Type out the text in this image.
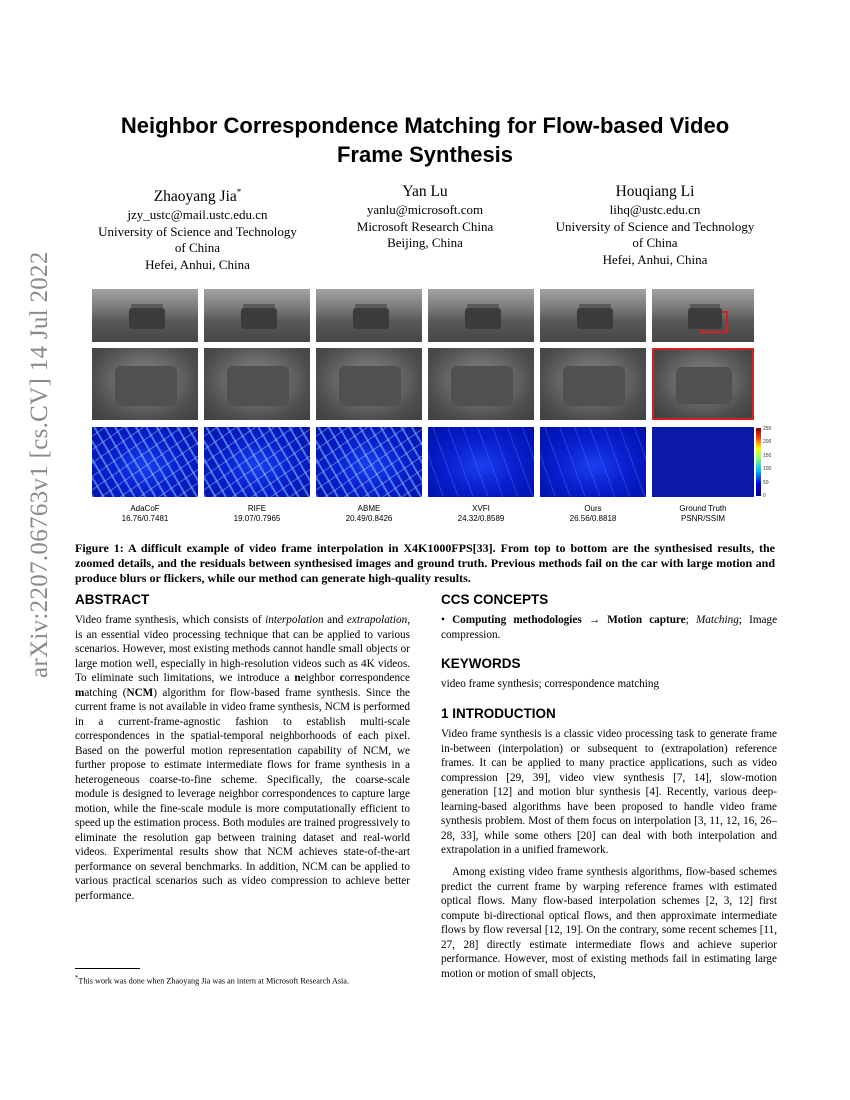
arXiv:2207.06763v1 [cs.CV] 14 Jul 2022
Neighbor Correspondence Matching for Flow-based Video
Frame Synthesis
Zhaoyang Jia*
jzy_ustc@mail.ustc.edu.cn
University of Science and Technology
of China
Hefei, Anhui, China
Yan Lu
yanlu@microsoft.com
Microsoft Research China
Beijing, China
Houqiang Li
lihq@ustc.edu.cn
University of Science and Technology
of China
Hefei, Anhui, China
250
200
150
100
50
0
AdaCoF
16.76/0.7481
RIFE
19.07/0.7965
ABME
20.49/0.8426
XVFI
24.32/0.8589
Ours
26.56/0.8818
Ground Truth
PSNR/SSIM
Figure 1: A difficult example of video frame interpolation in X4K1000FPS[33]. From top to bottom are the synthesised results, the zoomed details, and the residuals between synthesised images and ground truth. Previous methods fail on the car with large motion and produce blurs or flickers, while our method can generate high-quality results.
ABSTRACT
Video frame synthesis, which consists of interpolation and extrapolation, is an essential video processing technique that can be applied to various scenarios. However, most existing methods cannot handle small objects or large motion well, especially in high-resolution videos such as 4K videos. To eliminate such limitations, we introduce a neighbor correspondence matching (NCM) algorithm for flow-based frame synthesis. Since the current frame is not available in video frame synthesis, NCM is performed in a current-frame-agnostic fashion to establish multi-scale correspondences in the spatial-temporal neighborhoods of each pixel. Based on the powerful motion representation capability of NCM, we further propose to estimate intermediate flows for frame synthesis in a heterogeneous coarse-to-fine scheme. Specifically, the coarse-scale module is designed to leverage neighbor correspondences to capture large motion, while the fine-scale module is more computationally efficient to speed up the estimation process. Both modules are trained progressively to eliminate the resolution gap between training dataset and real-world videos. Experimental results show that NCM achieves state-of-the-art performance on several benchmarks. In addition, NCM can be applied to various practical scenarios such as video compression to achieve better performance.
*This work was done when Zhaoyang Jia was an intern at Microsoft Research Asia.
CCS CONCEPTS
• Computing methodologies → Motion capture; Matching; Image compression.
KEYWORDS
video frame synthesis; correspondence matching
1 INTRODUCTION
Video frame synthesis is a classic video processing task to generate frame in-between (interpolation) or subsequent to (extrapolation) reference frames. It can be applied to many practice applications, such as video compression [29, 39], video view synthesis [7, 14], slow-motion generation [12] and motion blur synthesis [4]. Recently, various deep-learning-based algorithms have been proposed to handle video frame synthesis problem. Most of them focus on interpolation [3, 11, 12, 16, 26–28, 33], while some others [20] can deal with both interpolation and extrapolation in a unified framework.
Among existing video frame synthesis algorithms, flow-based schemes predict the current frame by warping reference frames with estimated optical flows. Many flow-based interpolation schemes [2, 3, 12] first compute bi-directional optical flows, and then approximate intermediate flows by flow reversal [12, 19]. On the contrary, some recent schemes [11, 27, 28] directly estimate intermediate flows and achieve superior performance. However, most of existing methods fail in estimating large motion or motion of small objects,
